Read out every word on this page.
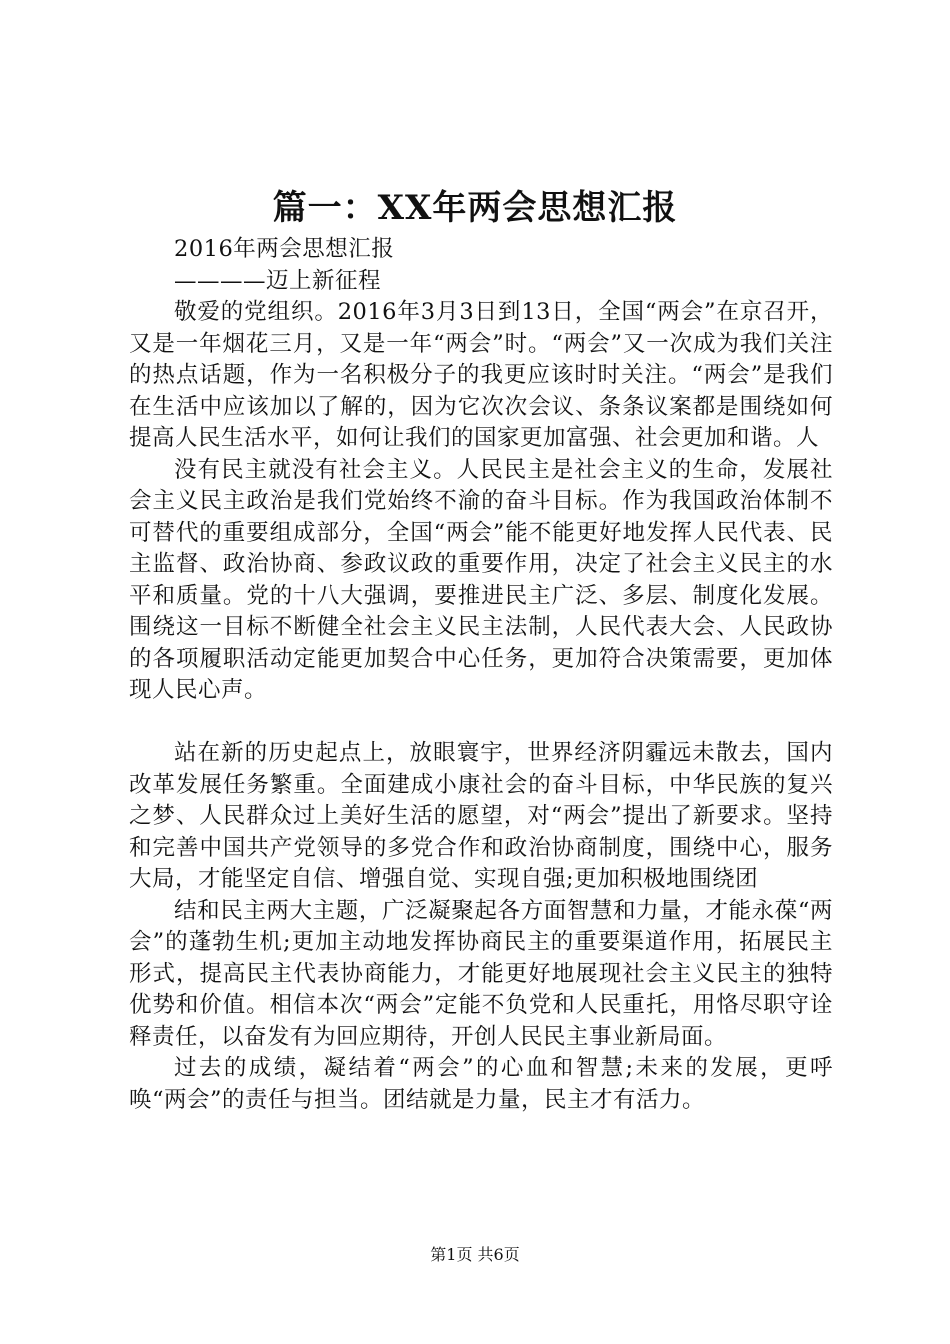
篇一：XX年两会思想汇报

2016年两会思想汇报

————迈上新征程

敬爱的党组织。2016年3月3日到13日，全国“两会”在京召开，又是一年烟花三月，又是一年“两会”时。“两会”又一次成为我们关注的热点话题，作为一名积极分子的我更应该时时关注。“两会”是我们在生活中应该加以了解的，因为它次次会议、条条议案都是围绕如何提高人民生活水平，如何让我们的国家更加富强、社会更加和谐。人

没有民主就没有社会主义。人民民主是社会主义的生命，发展社会主义民主政治是我们党始终不渝的奋斗目标。作为我国政治体制不可替代的重要组成部分，全国“两会”能不能更好地发挥人民代表、民主监督、政治协商、参政议政的重要作用，决定了社会主义民主的水平和质量。党的十八大强调，要推进民主广泛、多层、制度化发展。围绕这一目标不断健全社会主义民主法制，人民代表大会、人民政协的各项履职活动定能更加契合中心任务，更加符合决策需要，更加体现人民心声。

站在新的历史起点上，放眼寰宇，世界经济阴霾远未散去，国内改革发展任务繁重。全面建成小康社会的奋斗目标，中华民族的复兴之梦、人民群众过上美好生活的愿望，对“两会”提出了新要求。坚持和完善中国共产党领导的多党合作和政治协商制度，围绕中心，服务大局，才能坚定自信、增强自觉、实现自强;更加积极地围绕团

结和民主两大主题，广泛凝聚起各方面智慧和力量，才能永葆“两会”的蓬勃生机;更加主动地发挥协商民主的重要渠道作用，拓展民主形式，提高民主代表协商能力，才能更好地展现社会主义民主的独特优势和价值。相信本次“两会”定能不负党和人民重托，用恪尽职守诠释责任，以奋发有为回应期待，开创人民民主事业新局面。

过去的成绩，凝结着“两会”的心血和智慧;未来的发展，更呼唤“两会”的责任与担当。团结就是力量，民主才有活力。

第1页 共6页
